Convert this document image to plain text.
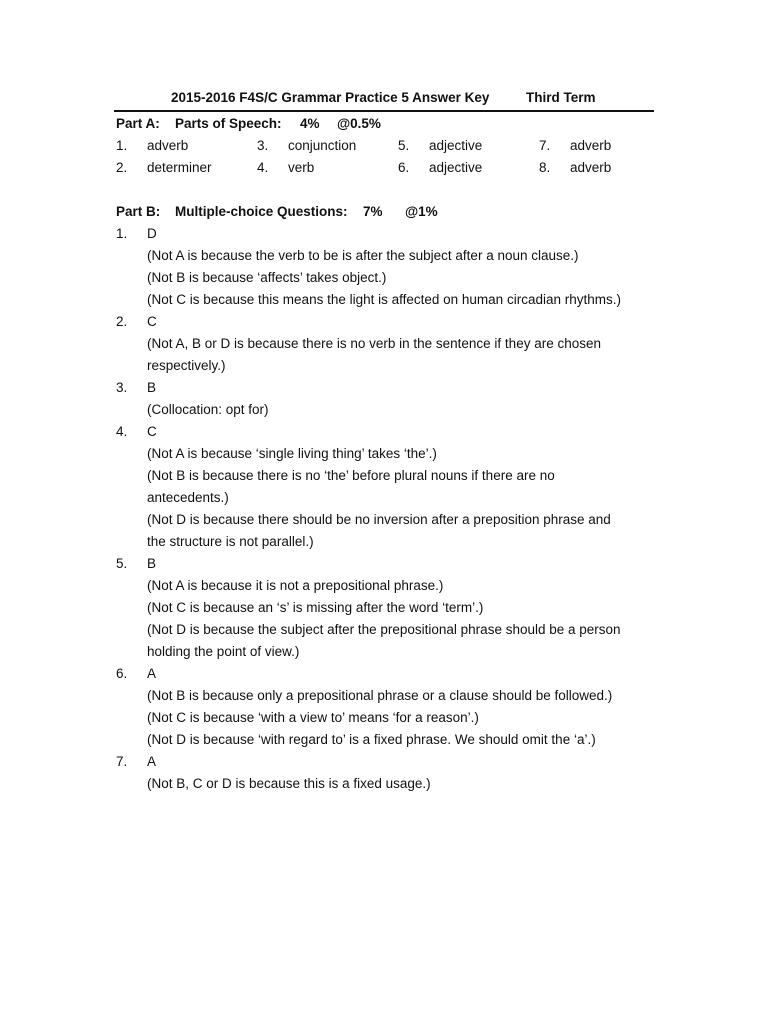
2015-2016 F4S/C Grammar Practice 5 Answer Key	Third Term
Part A: Parts of Speech: 4% @0.5%
1. adverb
2. determiner
3. conjunction
4. verb
5. adjective
6. adjective
7. adverb
8. adverb
Part B: Multiple-choice Questions: 7% @1%
1. D
(Not A is because the verb to be is after the subject after a noun clause.)
(Not B is because ‘affects’ takes object.)
(Not C is because this means the light is affected on human circadian rhythms.)
2. C
(Not A, B or D is because there is no verb in the sentence if they are chosen
respectively.)
3. B
(Collocation: opt for)
4. C
(Not A is because ‘single living thing’ takes ‘the’.)
(Not B is because there is no ‘the’ before plural nouns if there are no
antecedents.)
(Not D is because there should be no inversion after a preposition phrase and
the structure is not parallel.)
5. B
(Not A is because it is not a prepositional phrase.)
(Not C is because an ‘s’ is missing after the word ‘term’.)
(Not D is because the subject after the prepositional phrase should be a person
holding the point of view.)
6. A
(Not B is because only a prepositional phrase or a clause should be followed.)
(Not C is because ‘with a view to’ means ‘for a reason’.)
(Not D is because ‘with regard to’ is a fixed phrase. We should omit the ‘a’.)
7. A
(Not B, C or D is because this is a fixed usage.)
